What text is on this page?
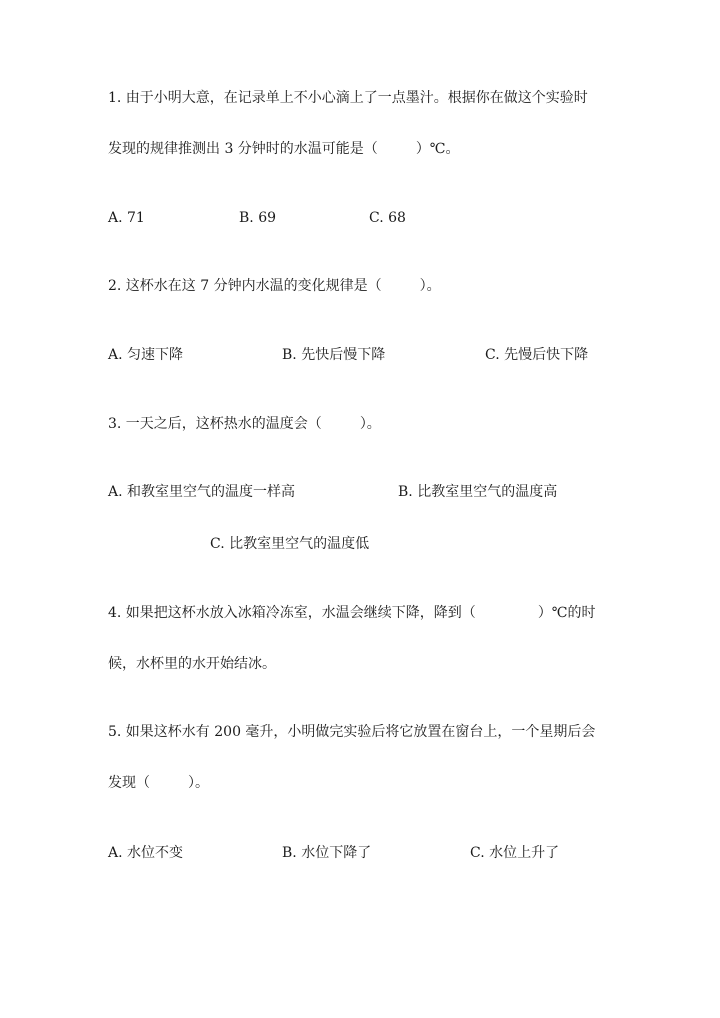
1. 由于小明大意，在记录单上不小心滴上了一点墨汁。根据你在做这个实验时
发现的规律推测出 3 分钟时的水温可能是（	）℃。
A. 71	B. 69	C. 68
2. 这杯水在这 7 分钟内水温的变化规律是（	）。
A. 匀速下降	B. 先快后慢下降	C. 先慢后快下降
3. 一天之后，这杯热水的温度会（	）。
A. 和教室里空气的温度一样高	B. 比教室里空气的温度高
C. 比教室里空气的温度低
4. 如果把这杯水放入冰箱冷冻室，水温会继续下降，降到（	）℃的时
候，水杯里的水开始结冰。
5. 如果这杯水有 200 毫升，小明做完实验后将它放置在窗台上，一个星期后会
发现（	）。
A. 水位不变	B. 水位下降了	C. 水位上升了
